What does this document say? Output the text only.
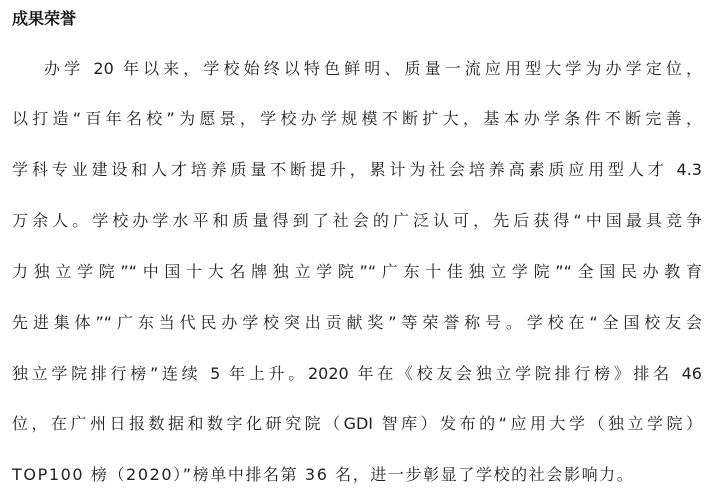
成果荣誉
办学 20 年以来，学校始终以特色鲜明、质量一流应用型大学为办学定位，
以打造“百年名校”为愿景，学校办学规模不断扩大，基本办学条件不断完善，
学科专业建设和人才培养质量不断提升，累计为社会培养高素质应用型人才 4.3
万余人。学校办学水平和质量得到了社会的广泛认可，先后获得“中国最具竞争
力独立学院”“中国十大名牌独立学院”“广东十佳独立学院”“全国民办教育
先进集体”“广东当代民办学校突出贡献奖”等荣誉称号。学校在“全国校友会
独立学院排行榜”连续 5 年上升。2020 年在《校友会独立学院排行榜》排名 46
位，在广州日报数据和数字化研究院（GDI 智库）发布的“应用大学（独立学院）
TOP100 榜（2020）”榜单中排名第 36 名，进一步彰显了学校的社会影响力。
